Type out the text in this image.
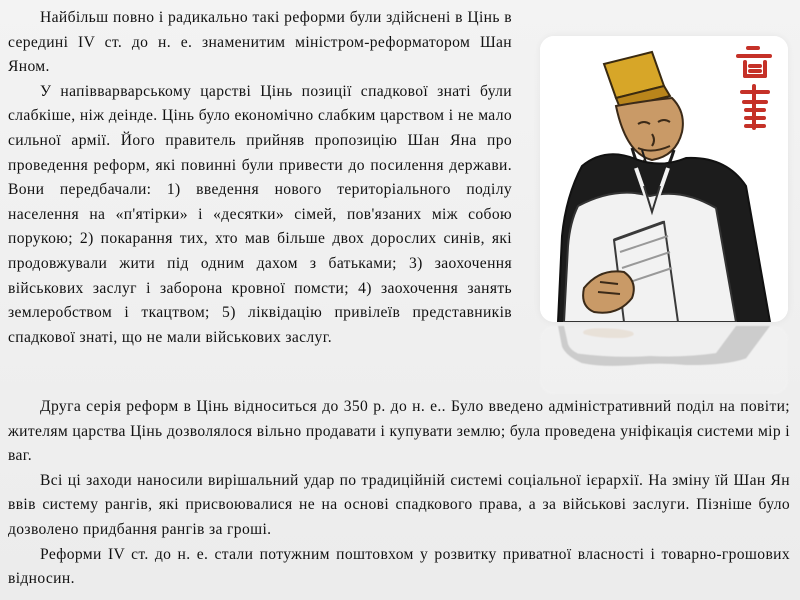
Найбільш повно і радикально такі реформи були здійснені в Цінь в середині IV ст. до н. е. знаменитим міністром-реформатором Шан Яном.

У напівварварському царстві Цінь позиції спадкової знаті були слабкіше, ніж деінде. Цінь було економічно слабким царством і не мало сильної армії. Його правитель прийняв пропозицію Шан Яна про проведення реформ, які повинні були привести до посилення держави. Вони передбачали: 1) введення нового територіального поділу населення на «п'ятірки» і «десятки» сімей, пов'язаних між собою порукою; 2) покарання тих, хто мав більше двох дорослих синів, які продовжували жити під одним дахом з батьками; 3) заохочення військових заслуг і заборона кровної помсти; 4) заохочення занять землеробством і ткацтвом; 5) ліквідацію привілеїв представників спадкової знаті, що не мали військових заслуг.

Друга серія реформ в Цінь відноситься до 350 р. до н. е.. Було введено адміністративний поділ на повіти; жителям царства Цінь дозволялося вільно продавати і купувати землю; була проведена уніфікація системи мір і ваг.

Всі ці заходи наносили вирішальний удар по традиційній системі соціальної ієрархії. На зміну їй Шан Ян ввів систему рангів, які присвоювалися не на основі спадкового права, а за військові заслуги. Пізніше було дозволено придбання рангів за гроші.

Реформи IV ст. до н. е. стали потужним поштовхом у розвитку приватної власності і товарно-грошових відносин.
